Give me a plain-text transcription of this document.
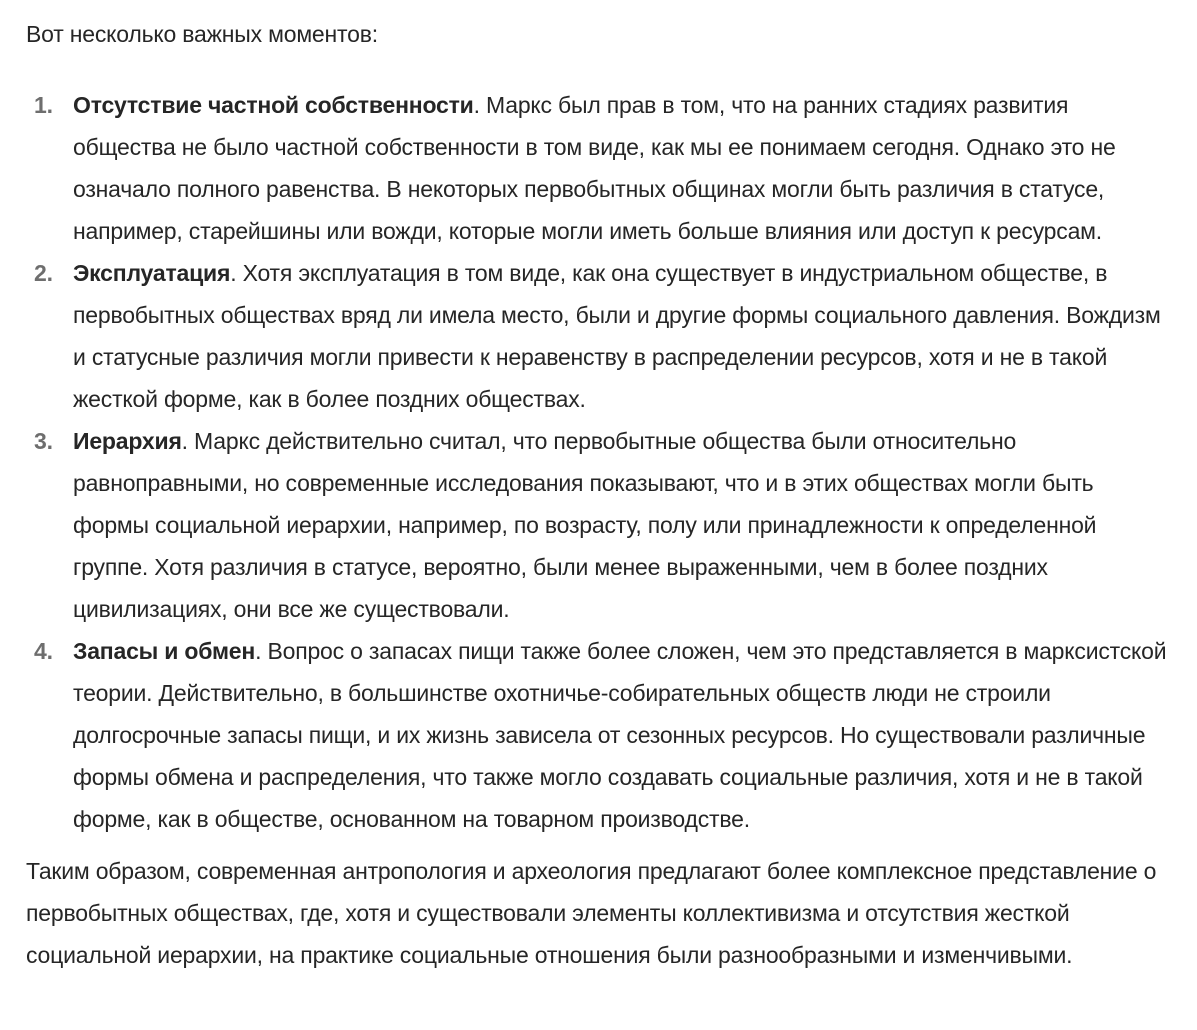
Вот несколько важных моментов:

1. Отсутствие частной собственности. Маркс был прав в том, что на ранних стадиях развития общества не было частной собственности в том виде, как мы ее понимаем сегодня. Однако это не означало полного равенства. В некоторых первобытных общинах могли быть различия в статусе, например, старейшины или вожди, которые могли иметь больше влияния или доступ к ресурсам.
2. Эксплуатация. Хотя эксплуатация в том виде, как она существует в индустриальном обществе, в первобытных обществах вряд ли имела место, были и другие формы социального давления. Вождизм и статусные различия могли привести к неравенству в распределении ресурсов, хотя и не в такой жесткой форме, как в более поздних обществах.
3. Иерархия. Маркс действительно считал, что первобытные общества были относительно равноправными, но современные исследования показывают, что и в этих обществах могли быть формы социальной иерархии, например, по возрасту, полу или принадлежности к определенной группе. Хотя различия в статусе, вероятно, были менее выраженными, чем в более поздних цивилизациях, они все же существовали.
4. Запасы и обмен. Вопрос о запасах пищи также более сложен, чем это представляется в марксистской теории. Действительно, в большинстве охотничье-собирательных обществ люди не строили долгосрочные запасы пищи, и их жизнь зависела от сезонных ресурсов. Но существовали различные формы обмена и распределения, что также могло создавать социальные различия, хотя и не в такой форме, как в обществе, основанном на товарном производстве.

Таким образом, современная антропология и археология предлагают более комплексное представление о первобытных обществах, где, хотя и существовали элементы коллективизма и отсутствия жесткой социальной иерархии, на практике социальные отношения были разнообразными и изменчивыми.
